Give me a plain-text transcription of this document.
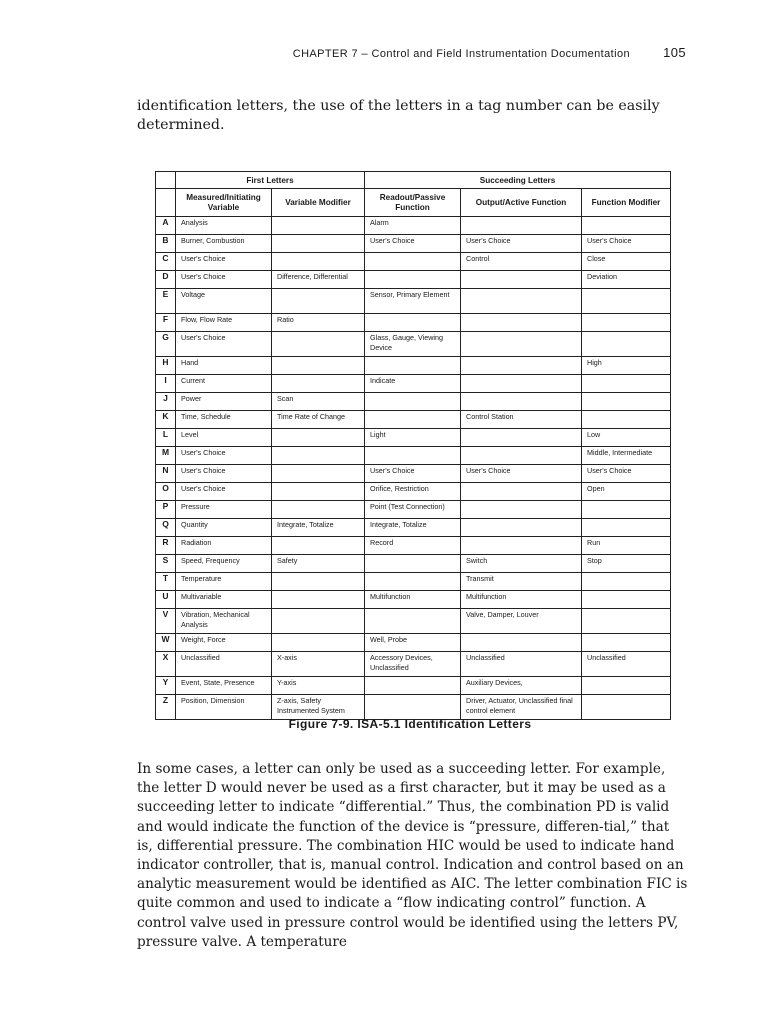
CHAPTER 7 – Control and Field Instrumentation Documentation	105
identification letters, the use of the letters in a tag number can be easily determined.
	First Letters		Succeeding Letters		
	Measured/Initiating Variable	Variable Modifier	Readout/Passive Function	Output/Active Function	Function Modifier
A	Analysis		Alarm		
B	Burner, Combustion		User's Choice	User's Choice	User's Choice
C	User's Choice			Control	Close
D	User's Choice	Difference, Differential			Deviation
E	Voltage		Sensor, Primary Element		
F	Flow, Flow Rate	Ratio			
G	User's Choice		Glass, Gauge, Viewing Device		
H	Hand				High
I	Current		Indicate		
J	Power	Scan			
K	Time, Schedule	Time Rate of Change		Control Station	
L	Level		Light		Low
M	User's Choice				Middle, Intermediate
N	User's Choice		User's Choice	User's Choice	User's Choice
O	User's Choice		Orifice, Restriction		Open
P	Pressure		Point (Test Connection)		
Q	Quantity	Integrate, Totalize	Integrate, Totalize		
R	Radiation		Record		Run
S	Speed, Frequency	Safety		Switch	Stop
T	Temperature			Transmit	
U	Multivariable		Multifunction	Multifunction	
V	Vibration, Mechanical Analysis			Valve, Damper, Louver	
W	Weight, Force		Well, Probe		
X	Unclassified	X-axis	Accessory Devices, Unclassified	Unclassified	Unclassified
Y	Event, State, Presence	Y-axis		Auxiliary Devices,	
Z	Position, Dimension	Z-axis, Safety Instrumented System		Driver, Actuator, Unclassified final control element	
Figure 7-9. ISA-5.1 Identification Letters
In some cases, a letter can only be used as a succeeding letter. For example, the letter D would never be used as a first character, but it may be used as a succeeding letter to indicate “differential.” Thus, the combination PD is valid and would indicate the function of the device is “pressure, differen-tial,” that is, differential pressure. The combination HIC would be used to indicate hand indicator controller, that is, manual control. Indication and control based on an analytic measurement would be identified as AIC. The letter combination FIC is quite common and used to indicate a “flow indicating control” function. A control valve used in pressure control would be identified using the letters PV, pressure valve. A temperature
